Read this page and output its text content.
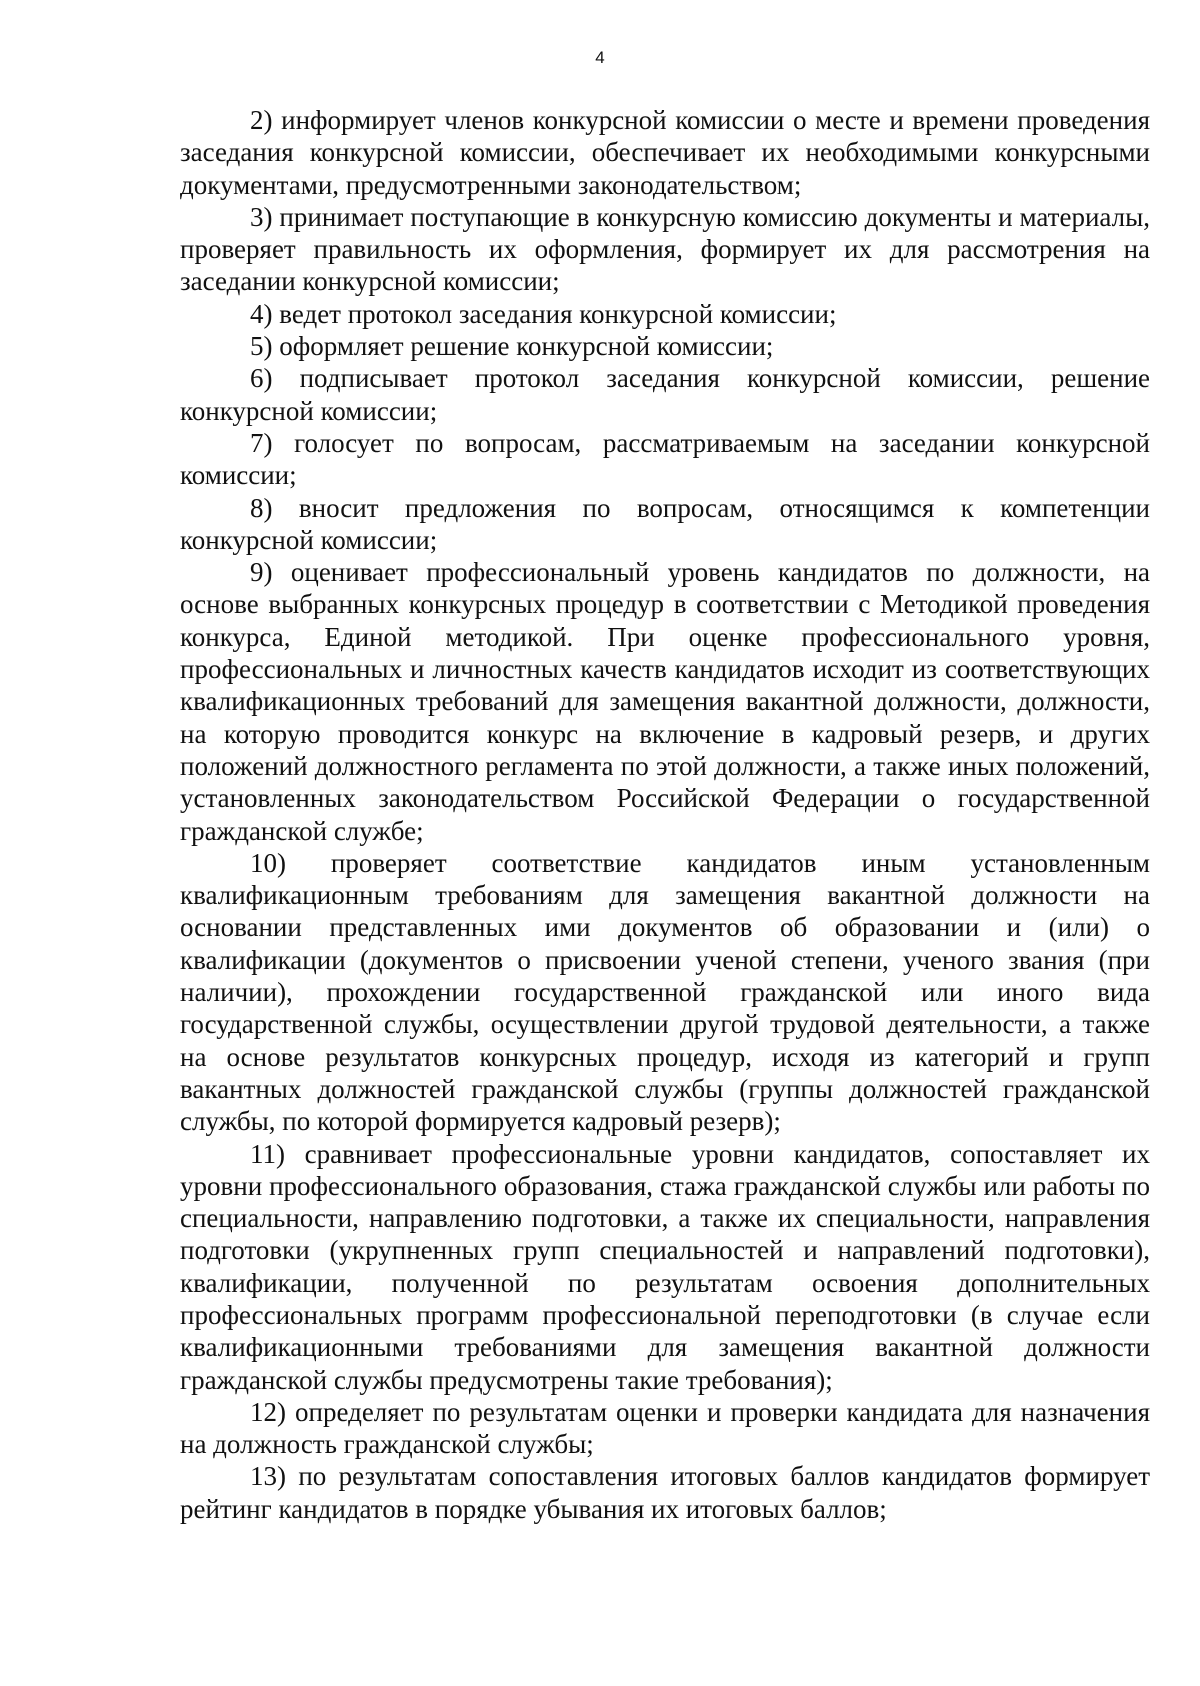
4

2) информирует членов конкурсной комиссии о месте и времени проведения заседания конкурсной комиссии, обеспечивает их необходимыми конкурсными документами, предусмотренными законодательством;

3) принимает поступающие в конкурсную комиссию документы и материалы, проверяет правильность их оформления, формирует их для рассмотрения на заседании конкурсной комиссии;

4) ведет протокол заседания конкурсной комиссии;

5) оформляет решение конкурсной комиссии;

6) подписывает протокол заседания конкурсной комиссии, решение конкурсной комиссии;

7) голосует по вопросам, рассматриваемым на заседании конкурсной комиссии;

8) вносит предложения по вопросам, относящимся к компетенции конкурсной комиссии;

9) оценивает профессиональный уровень кандидатов по должности, на основе выбранных конкурсных процедур в соответствии с Методикой проведения конкурса, Единой методикой. При оценке профессионального уровня, профессиональных и личностных качеств кандидатов исходит из соответствующих квалификационных требований для замещения вакантной должности, должности, на которую проводится конкурс на включение в кадровый резерв, и других положений должностного регламента по этой должности, а также иных положений, установленных законодательством Российской Федерации о государственной гражданской службе;

10) проверяет соответствие кандидатов иным установленным квалификационным требованиям для замещения вакантной должности на основании представленных ими документов об образовании и (или) о квалификации (документов о присвоении ученой степени, ученого звания (при наличии), прохождении государственной гражданской или иного вида государственной службы, осуществлении другой трудовой деятельности, а также на основе результатов конкурсных процедур, исходя из категорий и групп вакантных должностей гражданской службы (группы должностей гражданской службы, по которой формируется кадровый резерв);

11) сравнивает профессиональные уровни кандидатов, сопоставляет их уровни профессионального образования, стажа гражданской службы или работы по специальности, направлению подготовки, а также их специальности, направления подготовки (укрупненных групп специальностей и направлений подготовки), квалификации, полученной по результатам освоения дополнительных профессиональных программ профессиональной переподготовки (в случае если квалификационными требованиями для замещения вакантной должности гражданской службы предусмотрены такие требования);

12) определяет по результатам оценки и проверки кандидата для назначения на должность гражданской службы;

13) по результатам сопоставления итоговых баллов кандидатов формирует рейтинг кандидатов в порядке убывания их итоговых баллов;
